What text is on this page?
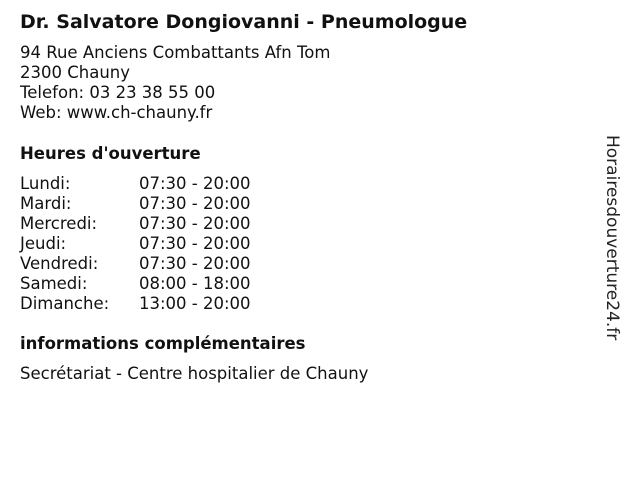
Dr. Salvatore Dongiovanni - Pneumologue
94 Rue Anciens Combattants Afn Tom
2300 Chauny
Telefon: 03 23 38 55 00
Web: www.ch-chauny.fr
Heures d'ouverture
Lundi:	07:30 - 20:00
Mardi:	07:30 - 20:00
Mercredi:	07:30 - 20:00
Jeudi:	07:30 - 20:00
Vendredi:	07:30 - 20:00
Samedi:	08:00 - 18:00
Dimanche:	13:00 - 20:00
informations complémentaires
Secrétariat - Centre hospitalier de Chauny
Horairesdouverture24.fr
